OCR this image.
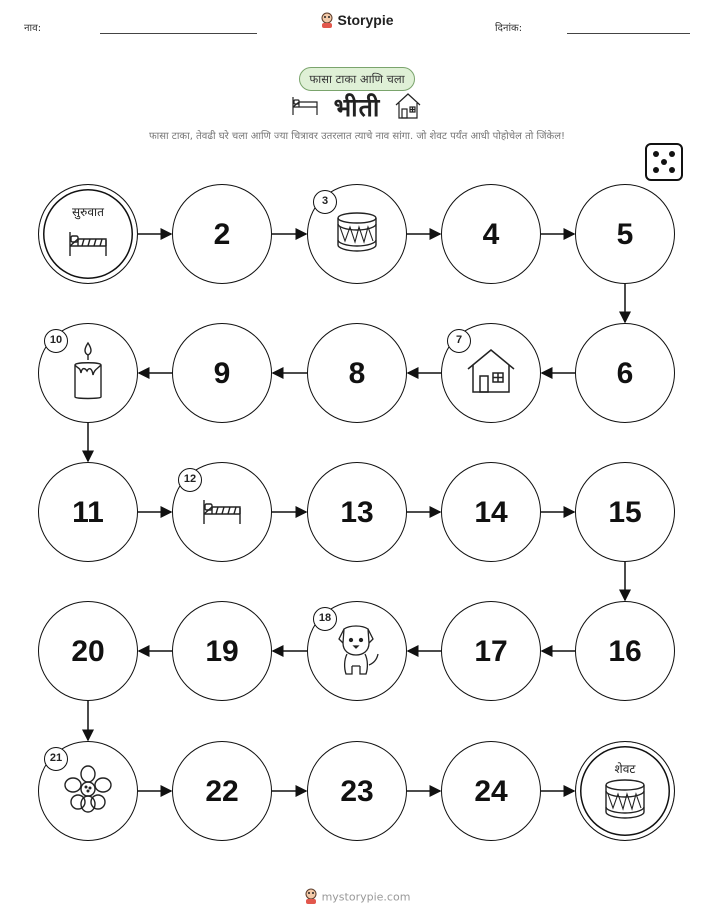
नाव:
Storypie
दिनांक:
फासा टाका आणि चला
भीती
फासा टाका, तेवढी घरे चला आणि ज्या चित्रावर उतरलात त्याचे नाव सांगा. जो शेवट पर्यंत आधी पोहोचेल तो जिंकेल!
सुरुवात
2
3
4	5
6
7
8
9
10
11
12
13	14	15
16
17
18
19
20
21
22	23	24
शेवट
mystorypie.com
